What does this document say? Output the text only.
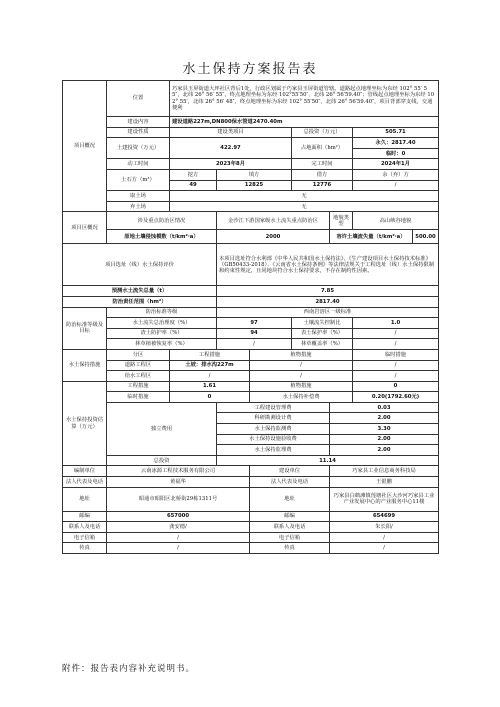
水土保持方案报告表
项目概况	位置	巧家县玉屏街道大坪社区背后1处，行政区划属于巧家县玉屏街道管辖。道路起点地理坐标为东经 102° 55′ 55″，北纬 26° 56′ 55″，终点地理坐标为东经 102°55′50″，北纬 26° 56′59.40″；管线起点地理坐标为东经 102° 55′，北纬 26° 56′ 48″，终点地理坐标为东经 102° 55′50″，北纬 26° 56′59.40″，项目背部穿支线，交通便利						
	建设内容	建设道路227m,DN800保水管道2470.40m						
	建设性质	建设类项目			总投资（万元）		505.71	
	土建投资（万元）	422.97			占地面积（hm²）		永久：2817.40	
							临时：0	
	动工时间	2023年8月			完工时间		2024年1月	
	土石方（m³）	挖方	填方		借方		余（弃）方	
		49	12825		12776		/	
	取土场	无						
	弃土场	无						
项目区概况	涉及重点防治区情况		金沙江下游国家级水土流失重点防治区			地貌类型	高山峡谷地貌	
	原地土壤侵蚀模数（t/km²·a）		2000			容许土壤流失量（t/km²·a）		500.00
项目选址（线）水土保持评价			本项目选址符合水利部《中华人民共和国水土保持法》、《生产建设项目水土保持技术标准》（GB50433-2018）、《云南省水土保持条例》等法律法规关于工程选址（线）水土保持限制和约束性规定，且同地块符合水土保持要求，不存在制约性因素。					
预测水土流失总量（t）			7.85					
防治责任范围（hm²）			2817.40					
防治标准等级及目标	防治标准等级		西南岩溶区一级标准					
	水土流失总治理度（%）		97		土壤流失控制比		1.0	
	渣土防护率（%）		94		表土保护率（%）		/	
	林草植被恢复率（%）		/		林草覆盖率（%）		/	
水土保持措施	分区	工程措施		植物措施			临时措施	
	道路工程区	土坡：排水沟227m		/			/	
	给水工程区	/		/			/	
水土保持投资估算（万元）	工程措施	1.61		植物措施			0	
	临时措施	0		水土保持补偿费			0.20(1792.60元)	
	独立费用		工程建设管理费			0.03		
			科研勘测设计费			2.00		
			水土保持监测费			3.30		
			水土保持设施验收费			2.00		
			水土保持监理费			2.00		
	总投资		11.14					
编制单位	云南冰源工程技术服务有限公司			建设单位		巧家县工业信息商务科技局		
法人代表及电话	黄福华			法人代表及电话		王银鹏		
地址	昭通市昭阳区北桥街29栋1311号			地址		巧家县白鹤滩镇莲塘社区大沙河巧家县工业产业发展中心的产业服务中心11楼		
邮编	657000			邮编		654699		
联系人及电话	龚安德/			联系人及电话		朱长阳/		
电子信箱	/			电子信箱		/		
传真	/			传真		/		
附件：报告表内容补充说明书。
